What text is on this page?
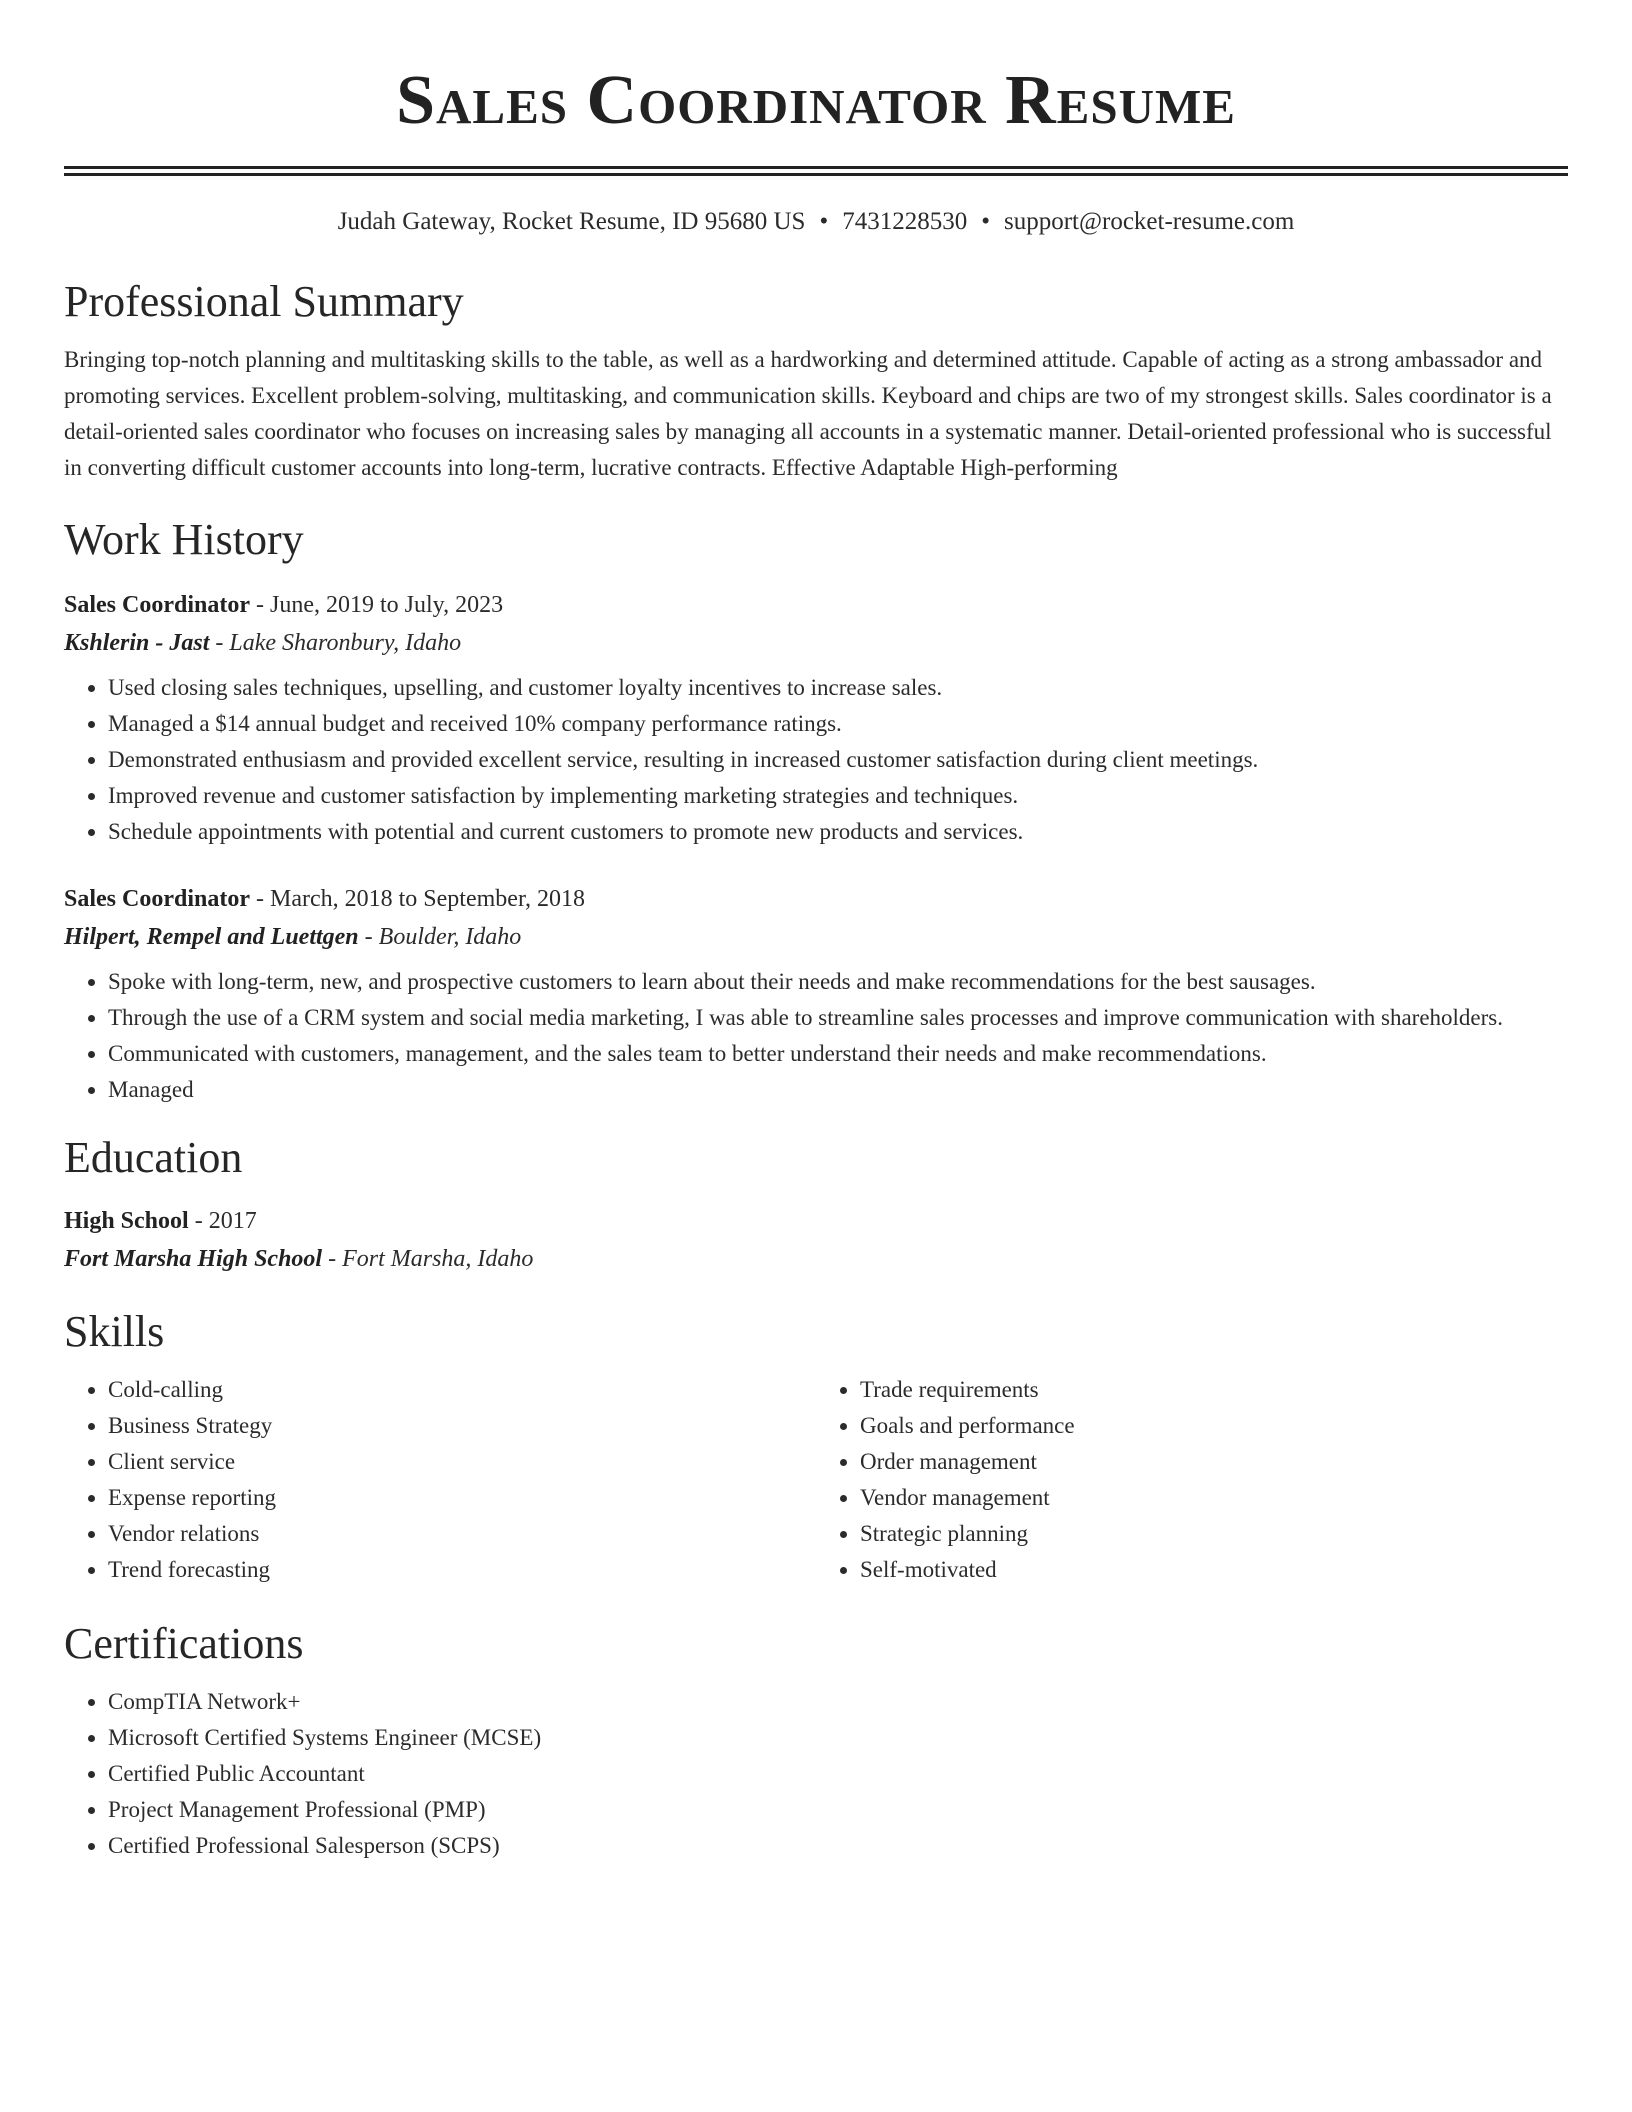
Sales Coordinator Resume
Judah Gateway, Rocket Resume, ID 95680 US • 7431228530 • support@rocket-resume.com
Professional Summary

Bringing top-notch planning and multitasking skills to the table, as well as a hardworking and determined attitude. Capable of acting as a strong ambassador and promoting services. Excellent problem-solving, multitasking, and communication skills. Keyboard and chips are two of my strongest skills. Sales coordinator is a detail-oriented sales coordinator who focuses on increasing sales by managing all accounts in a systematic manner. Detail-oriented professional who is successful in converting difficult customer accounts into long-term, lucrative contracts. Effective Adaptable High-performing

Work History
Sales Coordinator - June, 2019 to July, 2023
Kshlerin - Jast - Lake Sharonbury, Idaho
• Used closing sales techniques, upselling, and customer loyalty incentives to increase sales.
• Managed a $14 annual budget and received 10% company performance ratings.
• Demonstrated enthusiasm and provided excellent service, resulting in increased customer satisfaction during client meetings.
• Improved revenue and customer satisfaction by implementing marketing strategies and techniques.
• Schedule appointments with potential and current customers to promote new products and services.
Sales Coordinator - March, 2018 to September, 2018
Hilpert, Rempel and Luettgen - Boulder, Idaho
• Spoke with long-term, new, and prospective customers to learn about their needs and make recommendations for the best sausages.
• Through the use of a CRM system and social media marketing, I was able to streamline sales processes and improve communication with shareholders.
• Communicated with customers, management, and the sales team to better understand their needs and make recommendations.
• Managed
Education
High School - 2017
Fort Marsha High School - Fort Marsha, Idaho
Skills
• Cold-calling
• Business Strategy
• Client service
• Expense reporting
• Vendor relations
• Trend forecasting
• Trade requirements
• Goals and performance
• Order management
• Vendor management
• Strategic planning
• Self-motivated
Certifications
• CompTIA Network+
• Microsoft Certified Systems Engineer (MCSE)
• Certified Public Accountant
• Project Management Professional (PMP)
• Certified Professional Salesperson (SCPS)
